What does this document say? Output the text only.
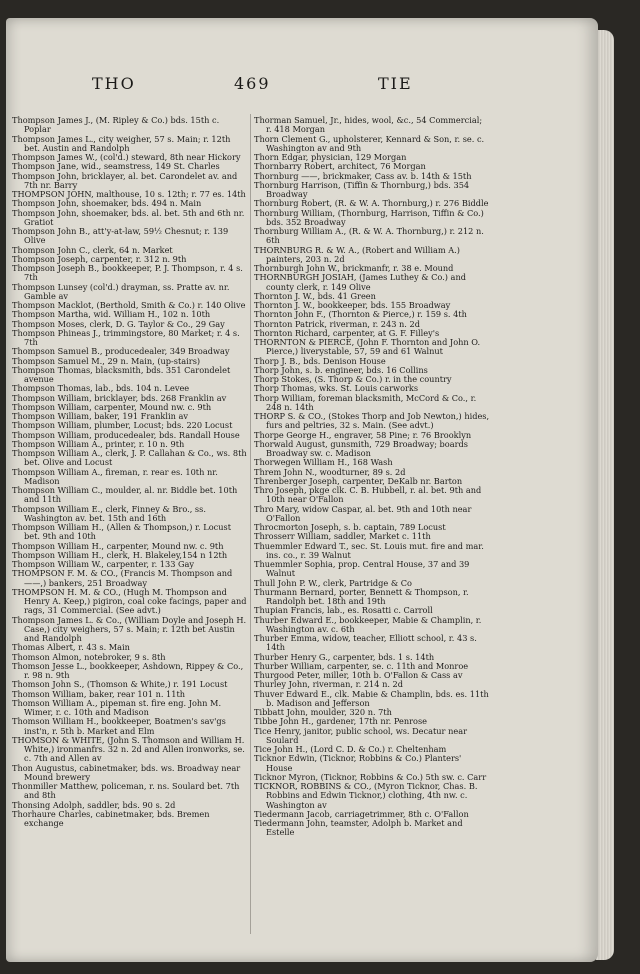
THO	469	TIE
Thompson James J., (M. Ripley & Co.) bds. 15th c. Poplar
Thompson James L., city weigher, 57 s. Main; r. 12th bet. Austin and Randolph
Thompson James W., (col'd.) steward, 8th near Hickory
Thompson Jane, wid., seamstress, 149 St. Charles
Thompson John, bricklayer, al. bet. Carondelet av. and 7th nr. Barry
THOMPSON JOHN, malthouse, 10 s. 12th; r. 77 es. 14th
Thompson John, shoemaker, bds. 494 n. Main
Thompson John, shoemaker, bds. al. bet. 5th and 6th nr. Gratiot
Thompson John B., att'y-at-law, 59½ Chesnut; r. 139 Olive
Thompson John C., clerk, 64 n. Market
Thompson Joseph, carpenter, r. 312 n. 9th
Thompson Joseph B., bookkeeper, P. J. Thompson, r. 4 s. 7th
Thompson Lunsey (col'd.) drayman, ss. Pratte av. nr. Gamble av
Thompson Macklot, (Berthold, Smith & Co.) r. 140 Olive
Thompson Martha, wid. William H., 102 n. 10th
Thompson Moses, clerk, D. G. Taylor & Co., 29 Gay
Thompson Phineas J., trimmingstore, 80 Market; r. 4 s. 7th
Thompson Samuel B., producedealer, 349 Broadway
Thompson Samuel M., 29 n. Main, (up-stairs)
Thompson Thomas, blacksmith, bds. 351 Carondelet avenue
Thompson Thomas, lab., bds. 104 n. Levee
Thompson William, bricklayer, bds. 268 Franklin av
Thompson William, carpenter, Mound nw. c. 9th
Thompson William, baker, 191 Franklin av
Thompson William, plumber, Locust; bds. 220 Locust
Thompson William, producedealer, bds. Randall House
Thompson William A., printer, r. 10 n. 9th
Thompson William A., clerk, J. P. Callahan & Co., ws. 8th bet. Olive and Locust
Thompson William A., fireman, r. rear es. 10th nr. Madison
Thompson William C., moulder, al. nr. Biddle bet. 10th and 11th
Thompson William E., clerk, Finney & Bro., ss. Washington av. bet. 15th and 16th
Thompson William H., (Allen & Thompson,) r. Locust bet. 9th and 10th
Thompson William H., carpenter, Mound nw. c. 9th
Thompson William H., clerk, H. Blakeley,154 n 12th
Thompson William W., carpenter, r. 133 Gay
THOMPSON F. M. & CO., (Francis M. Thompson and ——,) bankers, 251 Broadway
THOMPSON H. M. & CO., (Hugh M. Thompson and Henry A. Keep,) pigiron, coal coke facings, paper and rags, 31 Commercial. (See advt.)
Thompson James L. & Co., (William Doyle and Joseph H. Case,) city weighers, 57 s. Main; r. 12th bet Austin and Randolph
Thomas Albert, r. 43 s. Main
Thomson Almon, notebroker, 9 s. 8th
Thomson Jesse L., bookkeeper, Ashdown, Rippey & Co., r. 98 n. 9th
Thomson John S., (Thomson & White,) r. 191 Locust
Thomson William, baker, rear 101 n. 11th
Thomson William A., pipeman st. fire eng. John M. Wimer, r. c. 10th and Madison
Thomson William H., bookkeeper, Boatmen's sav'gs inst'n, r. 5th b. Market and Elm
THOMSON & WHITE, (John S. Thomson and William H. White,) ironmanfrs. 32 n. 2d and Allen ironworks, se. c. 7th and Allen av
Thon Augustus, cabinetmaker, bds. ws. Broadway near Mound brewery
Thonmiller Matthew, policeman, r. ns. Soulard bet. 7th and 8th
Thonsing Adolph, saddler, bds. 90 s. 2d
Thorhaure Charles, cabinetmaker, bds. Bremen exchange
Thorman Samuel, Jr., hides, wool, &c., 54 Commercial; r. 418 Morgan
Thorn Clement G., upholsterer, Kennard & Son, r. se. c. Washington av and 9th
Thorn Edgar, physician, 129 Morgan
Thornbarry Robert, architect, 76 Morgan
Thornburg ——, brickmaker, Cass av. b. 14th & 15th
Thornburg Harrison, (Tiffin & Thornburg,) bds. 354 Broadway
Thornburg Robert, (R. & W. A. Thornburg,) r. 276 Biddle
Thornburg William, (Thornburg, Harrison, Tiffin & Co.) bds. 352 Broadway
Thornburg William A., (R. & W. A. Thornburg,) r. 212 n. 6th
THORNBURG R. & W. A., (Robert and William A.) painters, 203 n. 2d
Thornburgh John W., brickmanfr, r. 38 e. Mound
THORNBURGH JOSIAH, (James Luthey & Co.) and county clerk, r. 149 Olive
Thornton J. W., bds. 41 Green
Thornton J. W., bookkeeper, bds. 155 Broadway
Thornton John F., (Thornton & Pierce,) r. 159 s. 4th
Thornton Patrick, riverman, r. 243 n. 2d
Thornton Richard, carpenter, at G. F. Filley's
THORNTON & PIERCE, (John F. Thornton and John O. Pierce,) liverystable, 57, 59 and 61 Walnut
Thorp J. B., bds. Denison House
Thorp John, s. b. engineer, bds. 16 Collins
Thorp Stokes, (S. Thorp & Co.) r. in the country
Thorp Thomas, wks. St. Louis carworks
Thorp William, foreman blacksmith, McCord & Co., r. 248 n. 14th
THORP S. & CO., (Stokes Thorp and Job Newton,) hides, furs and peltries, 32 s. Main. (See advt.)
Thorpe George H., engraver, 58 Pine; r. 76 Brooklyn
Thorwald August, gunsmith, 729 Broadway; boards Broadway sw. c. Madison
Thorwegen William H., 168 Wash
Threm John N., woodturner, 89 s. 2d
Threnberger Joseph, carpenter, DeKalb nr. Barton
Thro Joseph, pkge clk. C. B. Hubbell, r. al. bet. 9th and 10th near O'Fallon
Thro Mary, widow Caspar, al. bet. 9th and 10th near O'Fallon
Throcmorton Joseph, s. b. captain, 789 Locust
Throsserr William, saddler, Market c. 11th
Thuemmler Edward T., sec. St. Louis mut. fire and mar. ins. co., r. 39 Walnut
Thuemmler Sophia, prop. Central House, 37 and 39 Walnut
Thull John P. W., clerk, Partridge & Co
Thurmann Bernard, porter, Bennett & Thompson, r. Randolph bet. 18th and 19th
Thupian Francis, lab., es. Rosatti c. Carroll
Thurber Edward E., bookkeeper, Mabie & Champlin, r. Washington av. c. 6th
Thurber Emma, widow, teacher, Elliott school, r. 43 s. 14th
Thurber Henry G., carpenter, bds. 1 s. 14th
Thurber William, carpenter, se. c. 11th and Monroe
Thurgood Peter, miller, 10th b. O'Fallon & Cass av
Thurley John, riverman, r. 214 n. 2d
Thuver Edward E., clk. Mabie & Champlin, bds. es. 11th b. Madison and Jefferson
Tibbatt John, moulder, 320 n. 7th
Tibbe John H., gardener, 17th nr. Penrose
Tice Henry, janitor, public school, ws. Decatur near Soulard
Tice John H., (Lord C. D. & Co.) r. Cheltenham
Ticknor Edwin, (Ticknor, Robbins & Co.) Planters' House
Ticknor Myron, (Ticknor, Robbins & Co.) 5th sw. c. Carr
TICKNOR, ROBBINS & CO., (Myron Ticknor, Chas. B. Robbins and Edwin Ticknor,) clothing, 4th nw. c. Washington av
Tiedermann Jacob, carriagetrimmer, 8th c. O'Fallon
Tiedermann John, teamster, Adolph b. Market and Estelle
